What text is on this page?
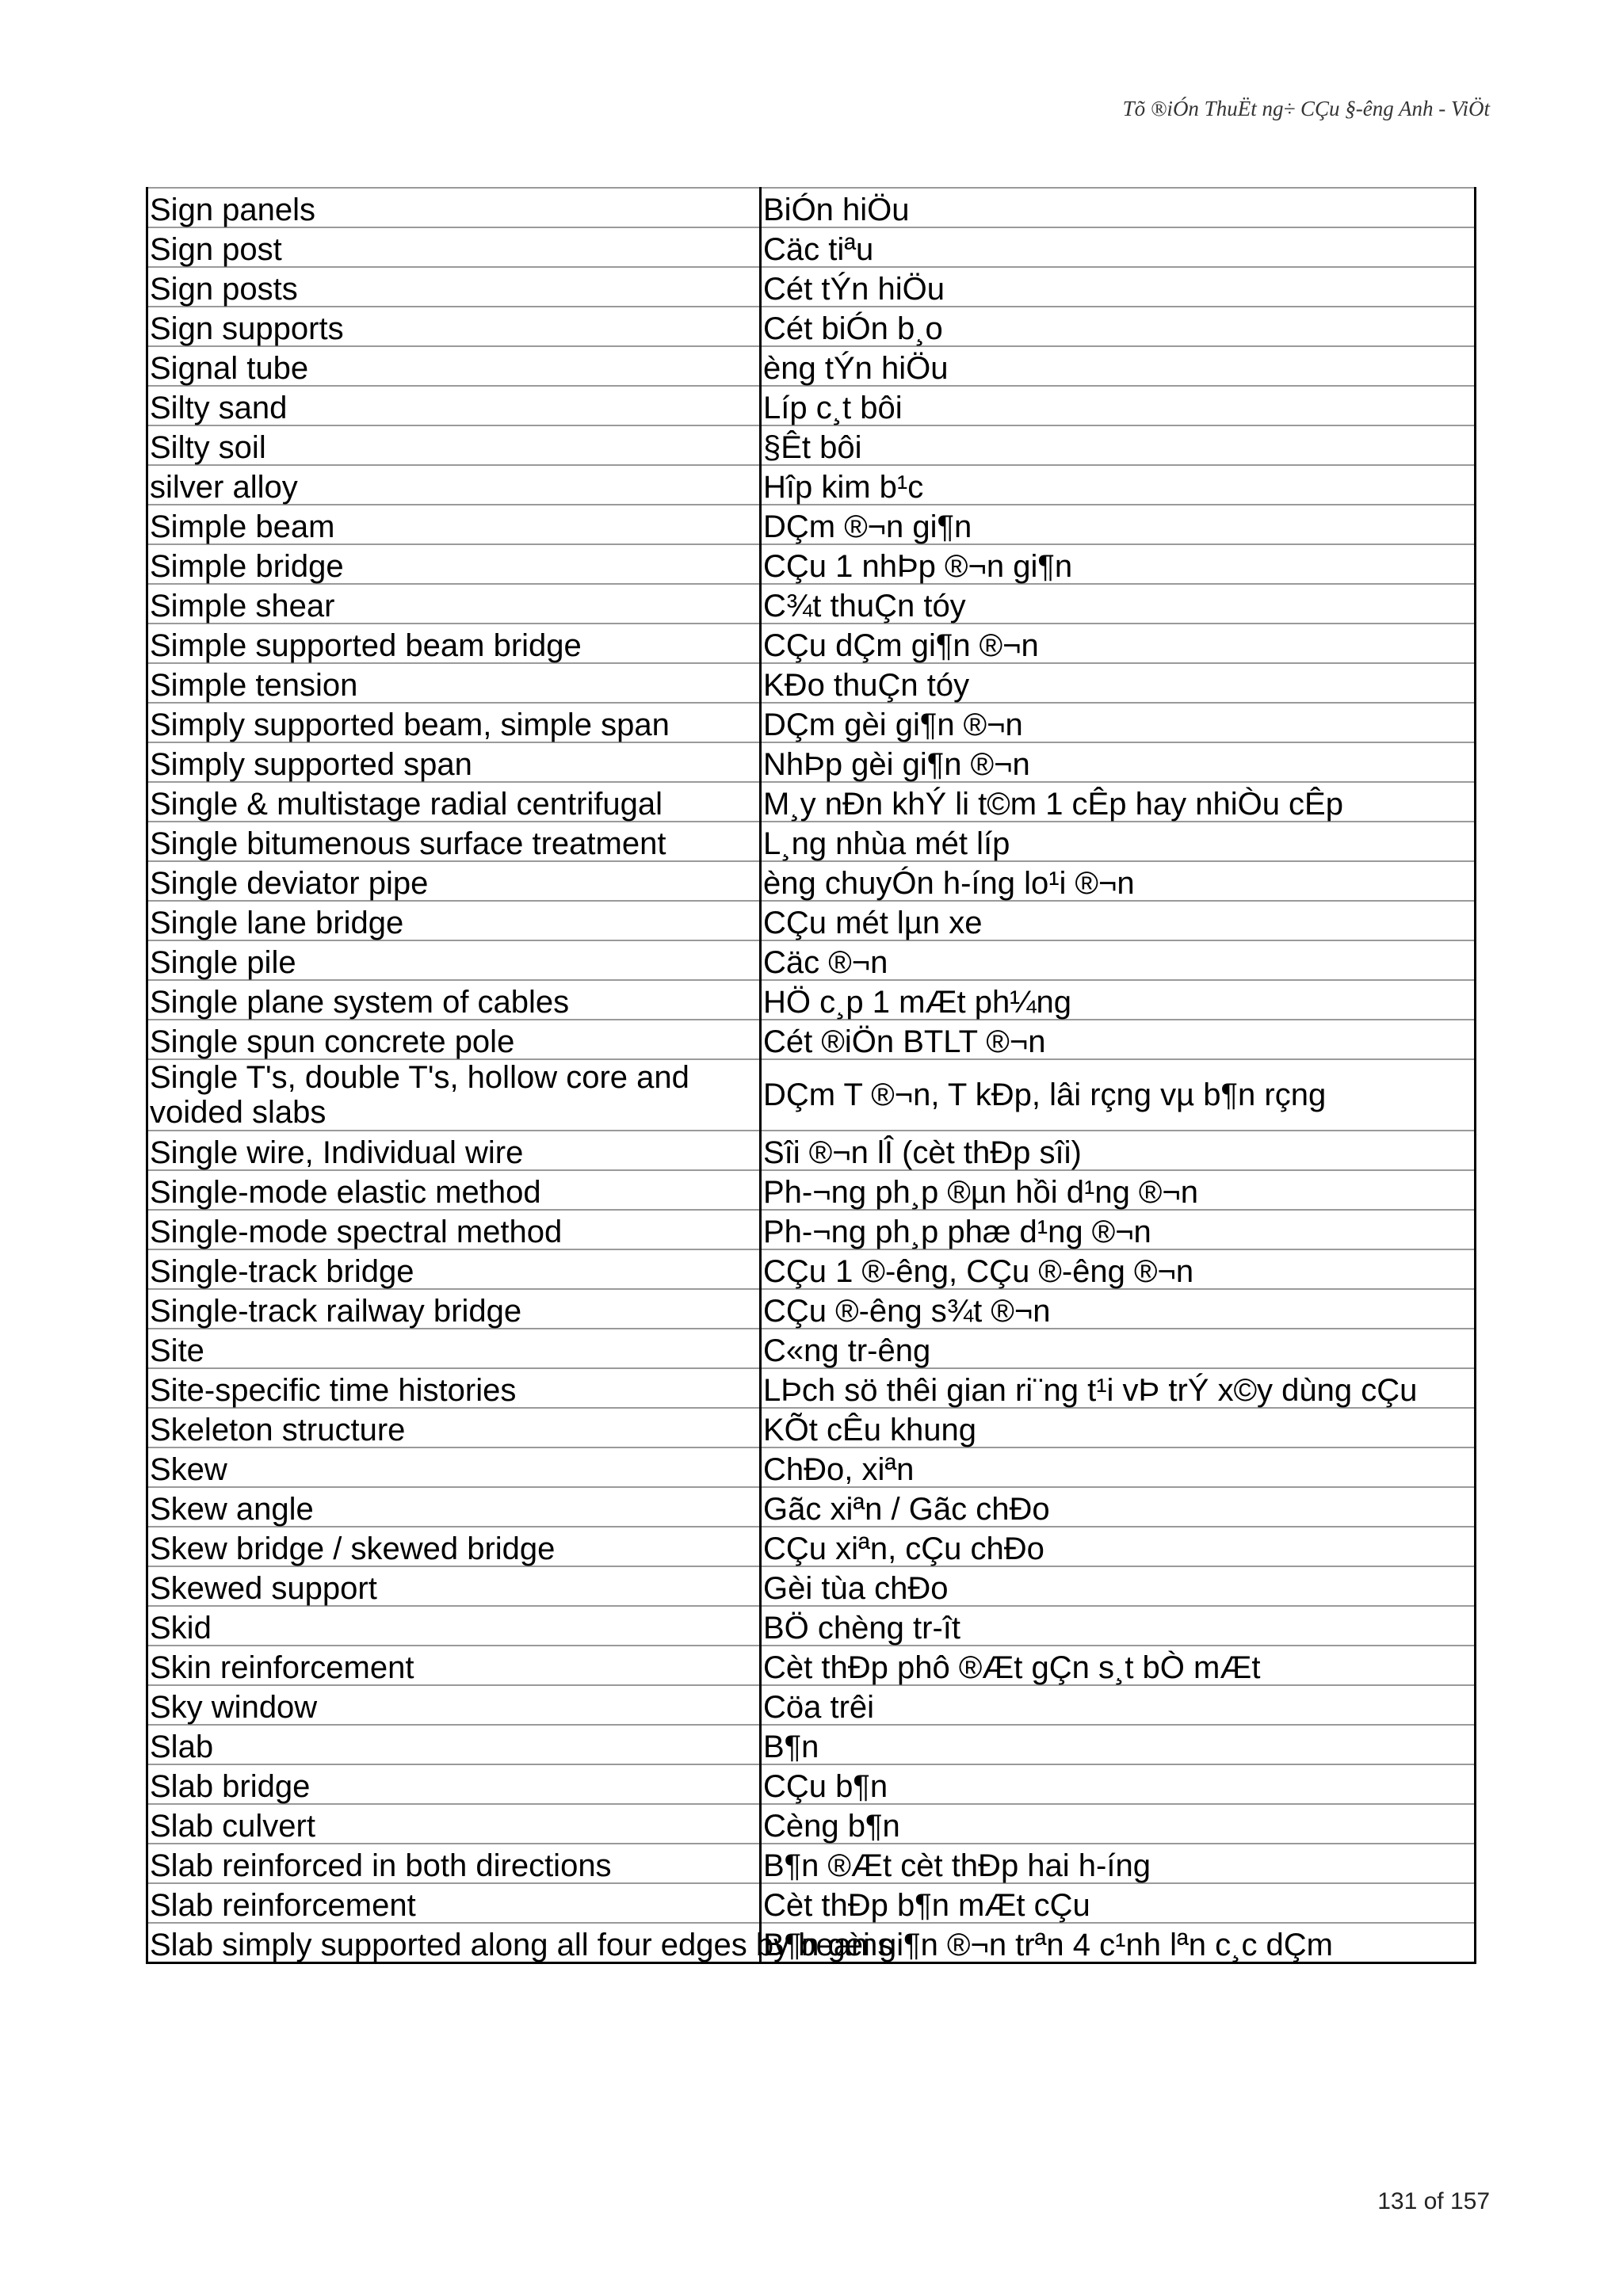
Tõ ®iÓn ThuËt ng÷ CÇu §-êng Anh - ViÖt
Sign panels	BiÓn hiÖu
Sign post	Cäc tiªu
Sign posts	Cét tÝn hiÖu
Sign supports	Cét biÓn b¸o
Signal tube	èng tÝn hiÖu
Silty sand	Líp c¸t bôi
Silty soil	§Êt bôi
silver alloy	Hîp kim b¹c
Simple beam	DÇm ®¬n gi¶n
Simple bridge	CÇu 1 nhÞp ®¬n gi¶n
Simple shear	C¾t thuÇn tóy
Simple supported beam bridge	CÇu dÇm gi¶n ®¬n
Simple tension	KÐo thuÇn tóy
Simply supported beam, simple span	DÇm gèi gi¶n ®¬n
Simply supported span	NhÞp gèi gi¶n ®¬n
Single & multistage radial centrifugal	M¸y nÐn khÝ li t©m 1 cÊp hay nhiÒu cÊp
Single bitumenous surface treatment	L¸ng nhùa mét líp
Single deviator pipe	èng chuyÓn h-íng lo¹i ®¬n
Single lane bridge	CÇu mét lµn xe
Single pile	Cäc ®¬n
Single plane system of cables	HÖ c¸p 1 mÆt ph¼ng
Single spun concrete pole	Cét ®iÖn BTLT ®¬n
Single T's, double T's, hollow core and voided slabs	DÇm T ®¬n, T kÐp, lâi rçng vµ b¶n rçng
Single wire, Individual wire	Sîi ®¬n lÎ (cèt thÐp sîi)
Single-mode elastic method	Ph-¬ng ph¸p ®µn hồi d¹ng ®¬n
Single-mode spectral method	Ph-¬ng ph¸p phæ d¹ng ®¬n
Single-track bridge	CÇu 1 ®-êng, CÇu ®-êng ®¬n
Single-track railway bridge	CÇu ®-êng s¾t ®¬n
Site	C«ng tr-êng
Site-specific time histories	LÞch sö thêi gian ri¨ng t¹i vÞ trÝ x©y dùng cÇu
Skeleton structure	KÕt cÊu khung
Skew	ChÐo, xiªn
Skew angle	Gãc xiªn / Gãc chÐo
Skew bridge / skewed bridge	CÇu xiªn, cÇu chÐo
Skewed support	Gèi tùa chÐo
Skid	BÖ chèng tr-ît
Skin reinforcement	Cèt thÐp phô ®Æt gÇn s¸t bÒ mÆt
Sky window	Cöa trêi
Slab	B¶n
Slab bridge	CÇu b¶n
Slab culvert	Cèng b¶n
Slab reinforced in both directions	B¶n ®Æt cèt thÐp hai h-íng
Slab reinforcement	Cèt thÐp b¶n mÆt cÇu
Slab simply supported along all four edges by beams	B¶n gèi gi¶n ®¬n trªn 4 c¹nh lªn c¸c dÇm
131 of 157
